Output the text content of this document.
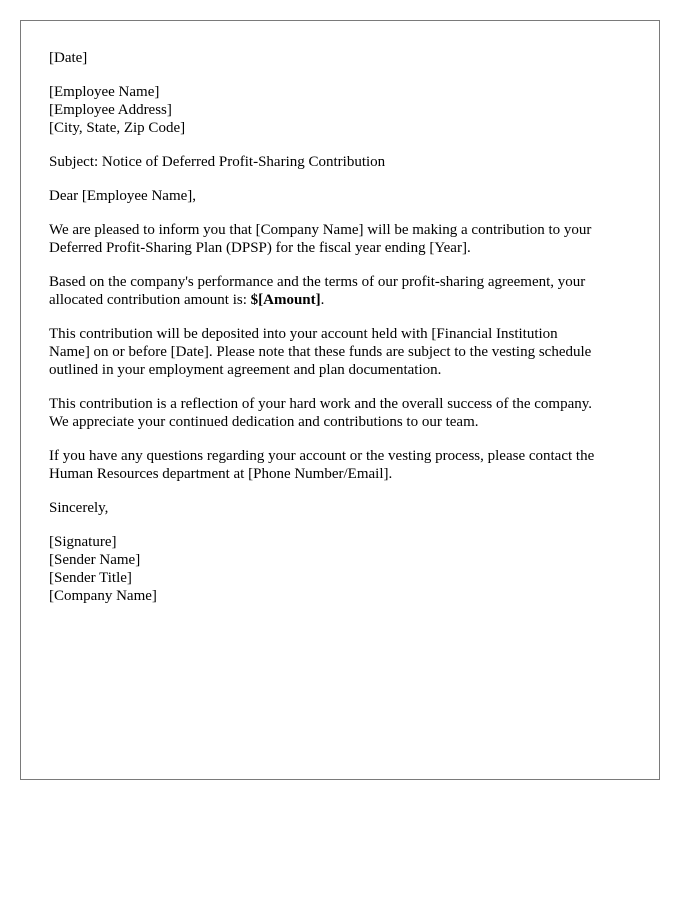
[Date]

[Employee Name]
[Employee Address]
[City, State, Zip Code]

Subject: Notice of Deferred Profit-Sharing Contribution

Dear [Employee Name],

We are pleased to inform you that [Company Name] will be making a contribution to your
Deferred Profit-Sharing Plan (DPSP) for the fiscal year ending [Year].

Based on the company's performance and the terms of our profit-sharing agreement, your
allocated contribution amount is: $[Amount].

This contribution will be deposited into your account held with [Financial Institution
Name] on or before [Date]. Please note that these funds are subject to the vesting schedule
outlined in your employment agreement and plan documentation.

This contribution is a reflection of your hard work and the overall success of the company.
We appreciate your continued dedication and contributions to our team.

If you have any questions regarding your account or the vesting process, please contact the
Human Resources department at [Phone Number/Email].

Sincerely,

[Signature]
[Sender Name]
[Sender Title]
[Company Name]
